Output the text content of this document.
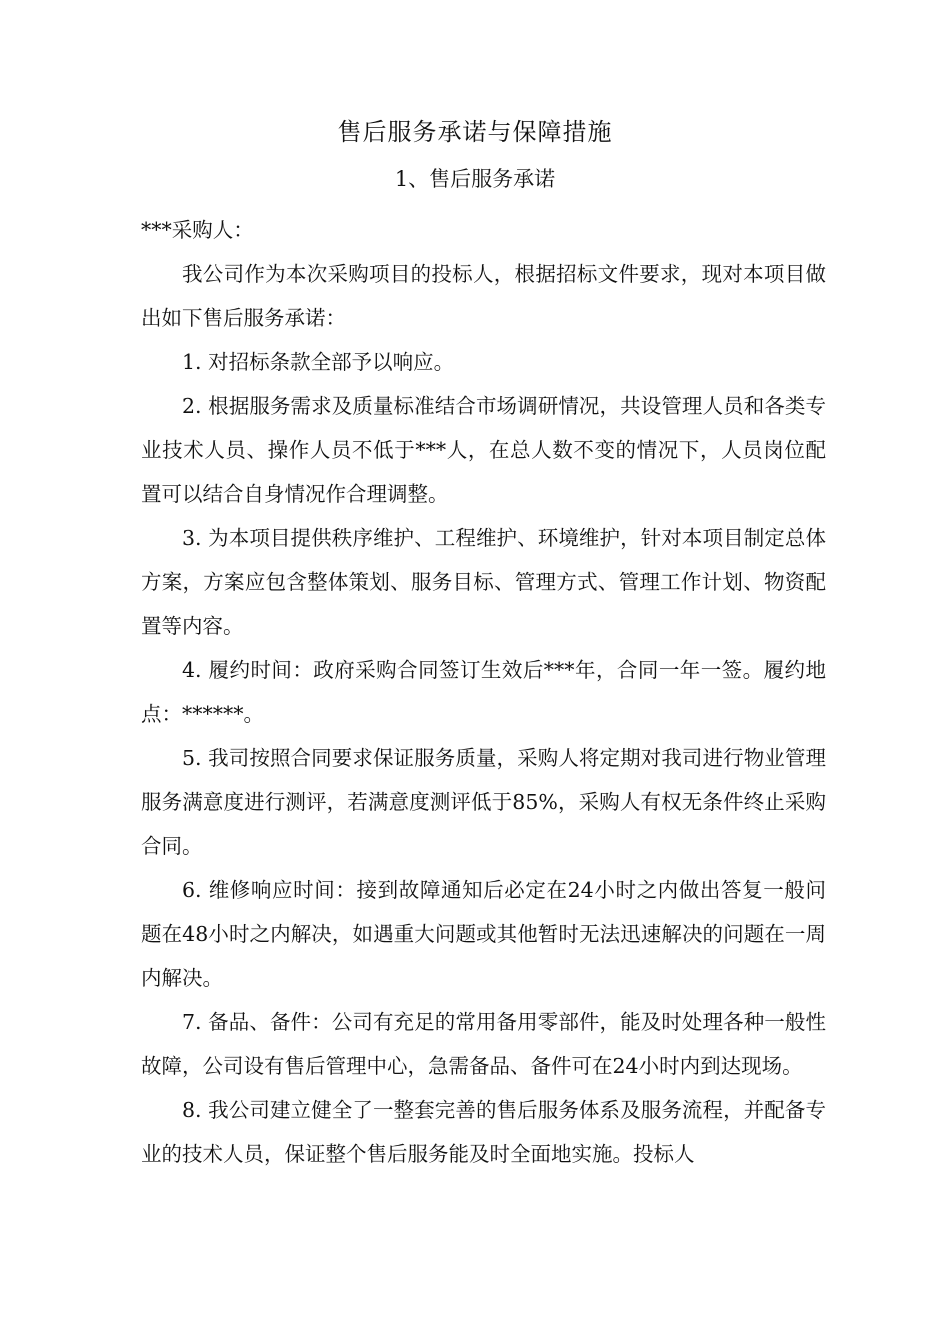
售后服务承诺与保障措施
1、售后服务承诺

***采购人：

我公司作为本次采购项目的投标人，根据招标文件要求，现对本项目做出如下售后服务承诺：

1. 对招标条款全部予以响应。

2. 根据服务需求及质量标准结合市场调研情况，共设管理人员和各类专业技术人员、操作人员不低于***人，在总人数不变的情况下，人员岗位配置可以结合自身情况作合理调整。

3. 为本项目提供秩序维护、工程维护、环境维护，针对本项目制定总体方案，方案应包含整体策划、服务目标、管理方式、管理工作计划、物资配置等内容。

4. 履约时间：政府采购合同签订生效后***年，合同一年一签。履约地点：******。

5. 我司按照合同要求保证服务质量，采购人将定期对我司进行物业管理服务满意度进行测评，若满意度测评低于85%，采购人有权无条件终止采购合同。

6. 维修响应时间：接到故障通知后必定在24小时之内做出答复一般问题在48小时之内解决，如遇重大问题或其他暂时无法迅速解决的问题在一周内解决。

7. 备品、备件：公司有充足的常用备用零部件，能及时处理各种一般性故障，公司设有售后管理中心，急需备品、备件可在24小时内到达现场。

8. 我公司建立健全了一整套完善的售后服务体系及服务流程，并配备专业的技术人员，保证整个售后服务能及时全面地实施。投标人
